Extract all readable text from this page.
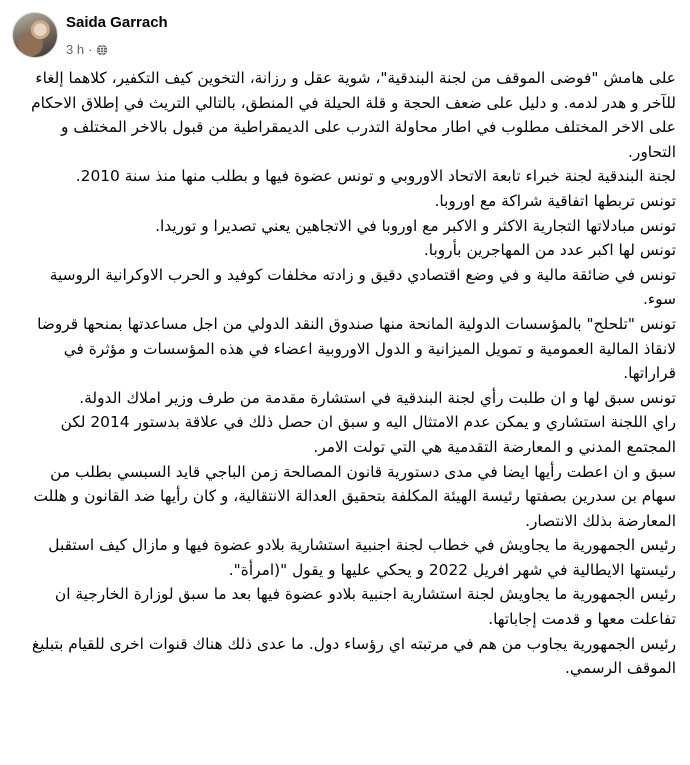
Saida Garrach
3 h ·

على هامش "فوضى الموقف من لجنة البندقية"، شوية عقل و رزانة، التخوين كيف التكفير، كلاهما إلغاء للآخر و هدر لدمه. و دليل على ضعف الحجة و قلة الحيلة في المنطق، بالتالي التريث في إطلاق الاحكام على الاخر المختلف مطلوب في اطار محاولة التدرب على الديمقراطية من قبول بالاخر المختلف و التحاور.

لجنة البندقية لجنة خبراء تابعة الاتحاد الاوروبي و تونس عضوة فيها و بطلب منها منذ سنة 2010.

تونس تربطها اتفاقية شراكة مع اوروبا.

تونس مبادلاتها التجارية الاكثر و الاكبر مع اوروبا في الاتجاهين يعني تصديرا و توريدا.

تونس لها اكبر عدد من المهاجرين بأروبا.

تونس في ضائقة مالية و في وضع اقتصادي دقيق و زادته مخلفات كوفيد و الحرب الاوكرانية الروسية سوء.

تونس "تلحلح" بالمؤسسات الدولية المانحة منها صندوق النقد الدولي من اجل مساعدتها بمنحها قروضا لانقاذ المالية العمومية و تمويل الميزانية و الدول الاوروبية اعضاء في هذه المؤسسات و مؤثرة في قراراتها.

تونس سبق لها و ان طلبت رأي لجنة البندقية في استشارة مقدمة من طرف وزير املاك الدولة.

راي اللجنة استشاري و يمكن عدم الامتثال اليه و سبق ان حصل ذلك في علاقة بدستور 2014 لكن المجتمع المدني و المعارضة التقدمية هي التي تولت الامر.

سبق و ان اعطت رأيها ايضا في مدى دستورية قانون المصالحة زمن الباجي قايد السبسي بطلب من سهام بن سدرين بصفتها رئيسة الهيئة المكلفة بتحقيق العدالة الانتقالية، و كان رأيها ضد القانون و هللت المعارضة بذلك الانتصار.

رئيس الجمهورية ما يجاويش في خطاب لجنة اجنبية استشارية بلادو عضوة فيها و مازال كيف استقبل رئيستها الايطالية في شهر افريل 2022 و يحكي عليها و يقول "(امرأة".

رئيس الجمهورية ما يجاويش لجنة استشارية اجنبية بلادو عضوة فيها بعد ما سبق لوزارة الخارجية ان تفاعلت معها و قدمت إجاباتها.

رئيس الجمهورية يجاوب من هم في مرتبته اي رؤساء دول. ما عدى ذلك هناك قنوات اخرى للقيام بتبليغ الموقف الرسمي.
